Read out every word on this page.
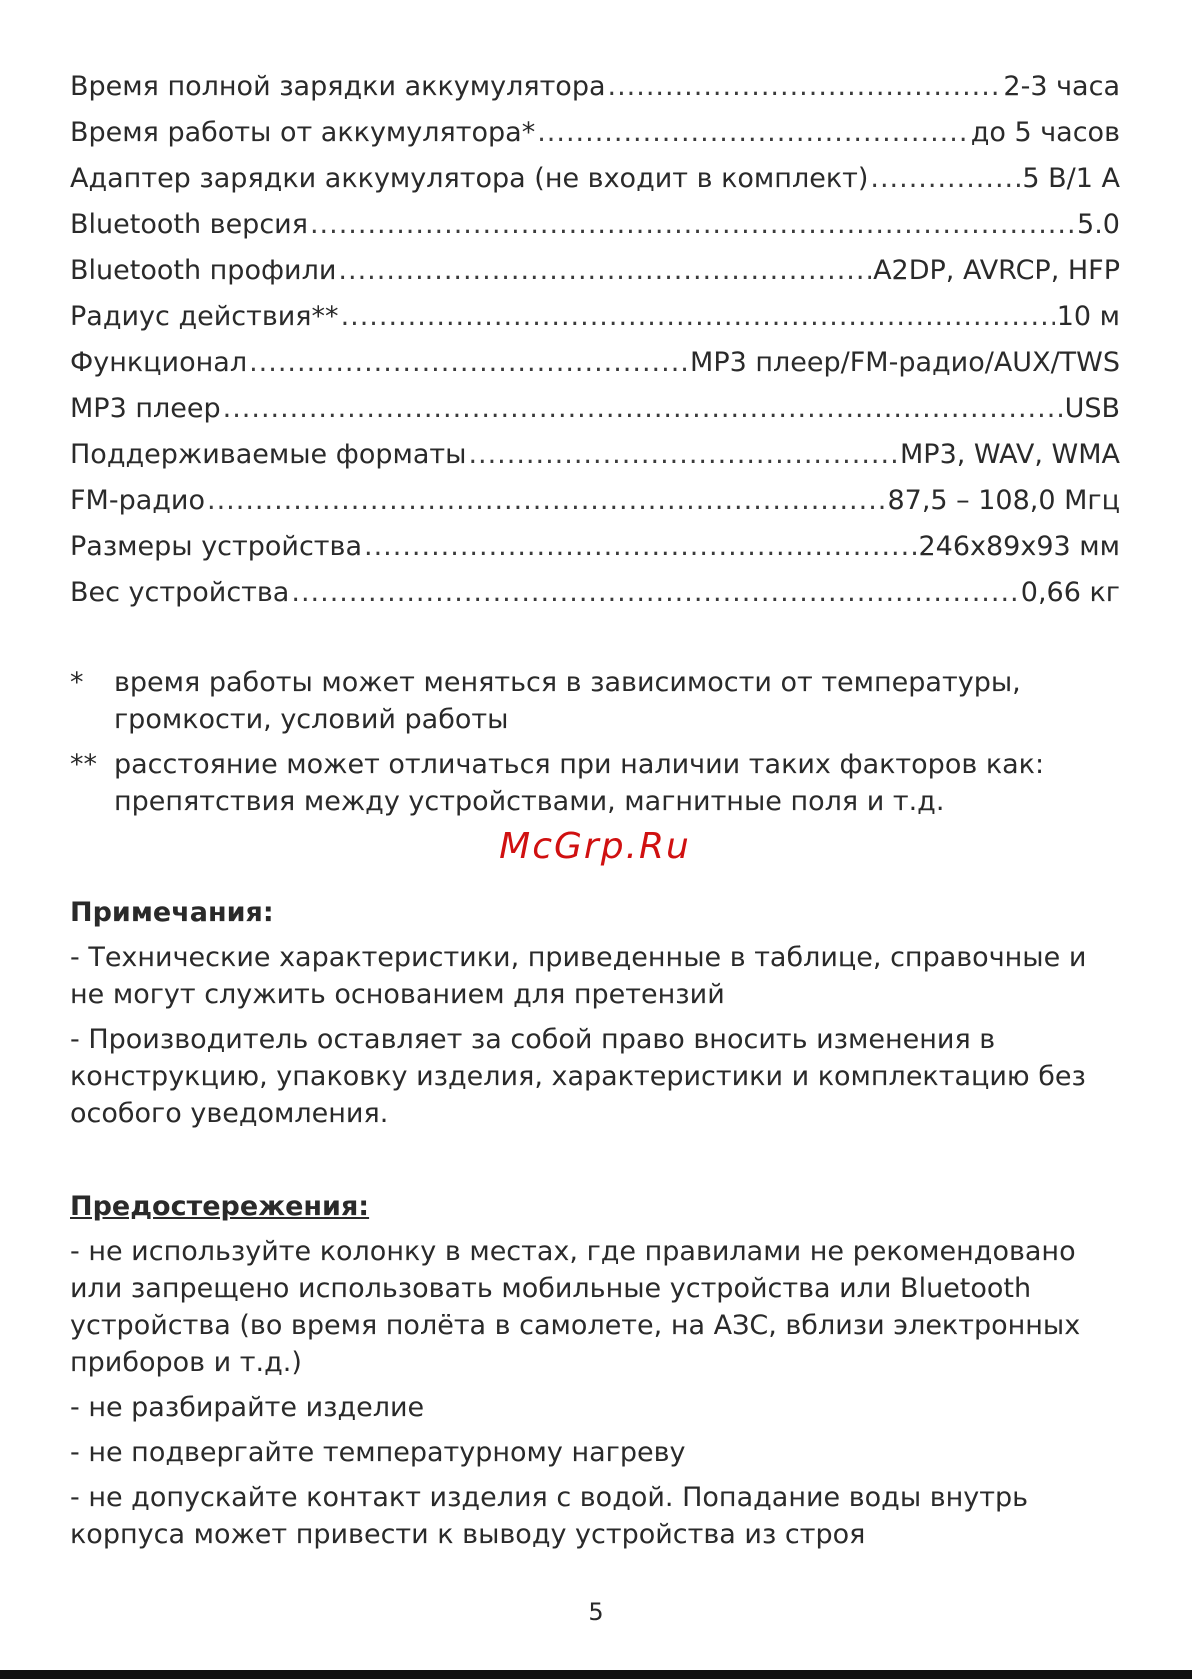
Время полной зарядки аккумулятора .....	2-3 часа
Время работы от аккумулятора* .....	до 5 часов
Адаптер зарядки аккумулятора (не входит в комплект) .....	5 В/1 А
Bluetooth версия .....	5.0
Bluetooth профили .....	A2DP, AVRCP, HFP
Радиус действия** .....	10 м
Функционал .....	MP3 плеер/FM-радио/AUX/TWS
MP3 плеер .....	USB
Поддерживаемые форматы .....	MP3, WAV, WMA
FM-радио .....	87,5 – 108,0 Мгц
Размеры устройства .....	246x89x93 мм
Вес устройства .....	0,66 кг
*	время работы может меняться в зависимости от температуры, громкости, условий работы
** расстояние может отличаться при наличии таких факторов как: препятствия между устройствами, магнитные поля и т.д.
McGrp.Ru

Примечания:

- Технические характеристики, приведенные в таблице, справочные и не могут служить основанием для претензий

- Производитель оставляет за собой право вносить изменения в конструкцию, упаковку изделия, характеристики и комплектацию без особого уведомления.

Предостережения:

- не используйте колонку в местах, где правилами не рекомендовано или запрещено использовать мобильные устройства или Bluetooth устройства (во время полёта в самолете, на АЗС, вблизи электронных приборов и т.д.)

- не разбирайте изделие

- не подвергайте температурному нагреву

- не допускайте контакт изделия с водой. Попадание воды внутрь корпуса может привести к выводу устройства из строя

5
